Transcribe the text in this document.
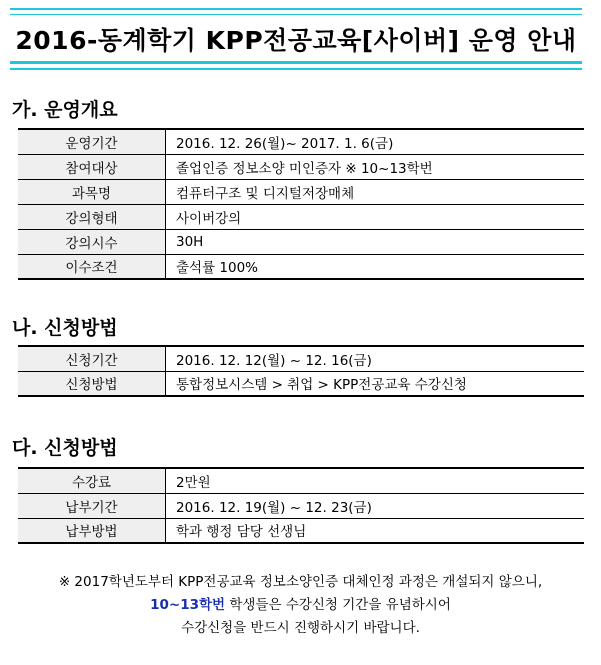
2016-동계학기 KPP전공교육[사이버] 운영 안내
가. 운영개요
운영기간	2016. 12. 26(월)~ 2017. 1. 6(금)
참여대상	졸업인증 정보소양 미인증자 ※ 10~13학번
과목명	컴퓨터구조 및 디지털저장매체
강의형태	사이버강의
강의시수	30H
이수조건	출석률 100%
나. 신청방법
신청기간	2016. 12. 12(월) ~ 12. 16(금)
신청방법	통합정보시스템 > 취업 > KPP전공교육 수강신청
다. 신청방법
수강료	2만원
납부기간	2016. 12. 19(월) ~ 12. 23(금)
납부방법	학과 행정 담당 선생님
※ 2017학년도부터 KPP전공교육 정보소양인증 대체인정 과정은 개설되지 않으니,
10~13학번 학생들은 수강신청 기간을 유념하시어
수강신청을 반드시 진행하시기 바랍니다.
